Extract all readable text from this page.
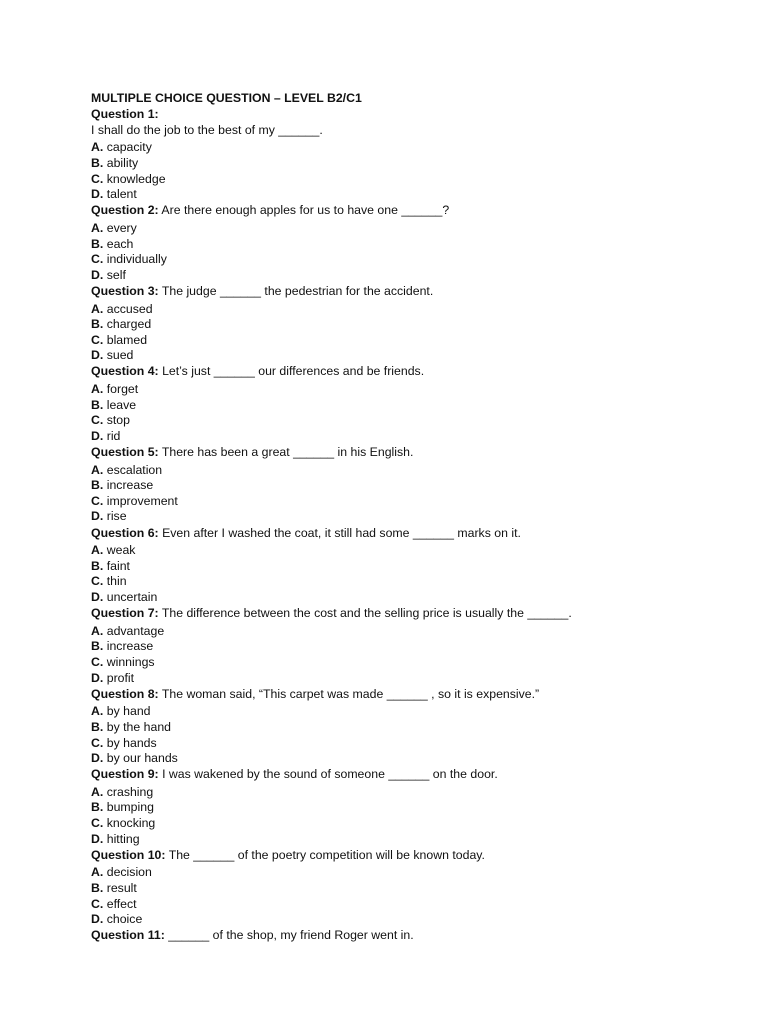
MULTIPLE CHOICE QUESTION – LEVEL B2/C1
Question 1:
I shall do the job to the best of my ______.
A. capacity
B. ability
C. knowledge
D. talent
Question 2: Are there enough apples for us to have one ______?
A. every
B. each
C. individually
D. self
Question 3: The judge ______ the pedestrian for the accident.
A. accused
B. charged
C. blamed
D. sued
Question 4: Let’s just ______ our differences and be friends.
A. forget
B. leave
C. stop
D. rid
Question 5: There has been a great ______ in his English.
A. escalation
B. increase
C. improvement
D. rise
Question 6: Even after I washed the coat, it still had some ______ marks on it.
A. weak
B. faint
C. thin
D. uncertain
Question 7: The difference between the cost and the selling price is usually the ______.
A. advantage
B. increase
C. winnings
D. profit
Question 8: The woman said, “This carpet was made ______ , so it is expensive.”
A. by hand
B. by the hand
C. by hands
D. by our hands
Question 9: I was wakened by the sound of someone ______ on the door.
A. crashing
B. bumping
C. knocking
D. hitting
Question 10: The ______ of the poetry competition will be known today.
A. decision
B. result
C. effect
D. choice
Question 11: ______ of the shop, my friend Roger went in.
